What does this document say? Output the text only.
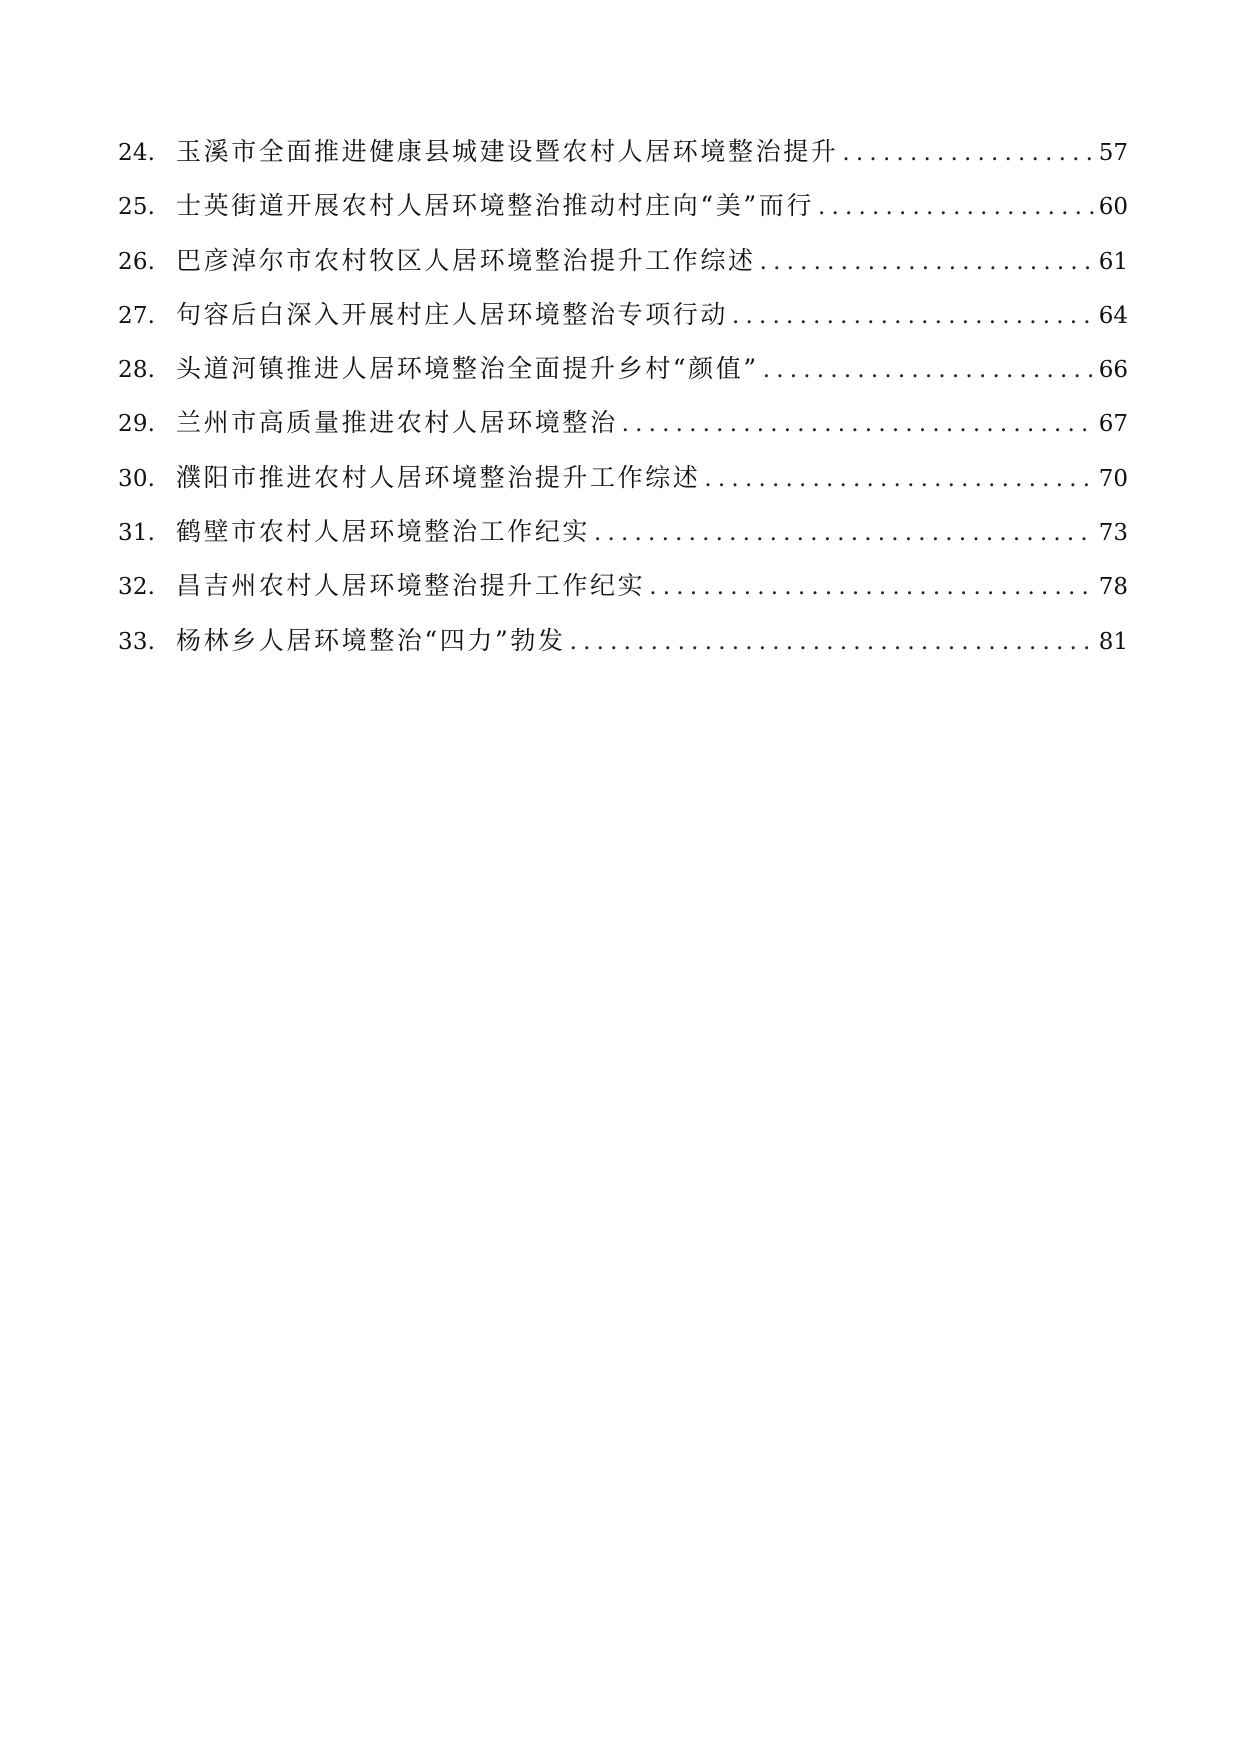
24. 玉溪市全面推进健康县城建设暨农村人居环境整治提升 .....	57
25. 士英街道开展农村人居环境整治推动村庄向“美”而行 .....	60
26. 巴彦淖尔市农村牧区人居环境整治提升工作综述 .....	61
27. 句容后白深入开展村庄人居环境整治专项行动 .....	64
28. 头道河镇推进人居环境整治全面提升乡村“颜值” .....	66
29. 兰州市高质量推进农村人居环境整治 .....	67
30. 濮阳市推进农村人居环境整治提升工作综述 .....	70
31. 鹤壁市农村人居环境整治工作纪实 .....	73
32. 昌吉州农村人居环境整治提升工作纪实 .....	78
33. 杨林乡人居环境整治“四力”勃发 .....	81
